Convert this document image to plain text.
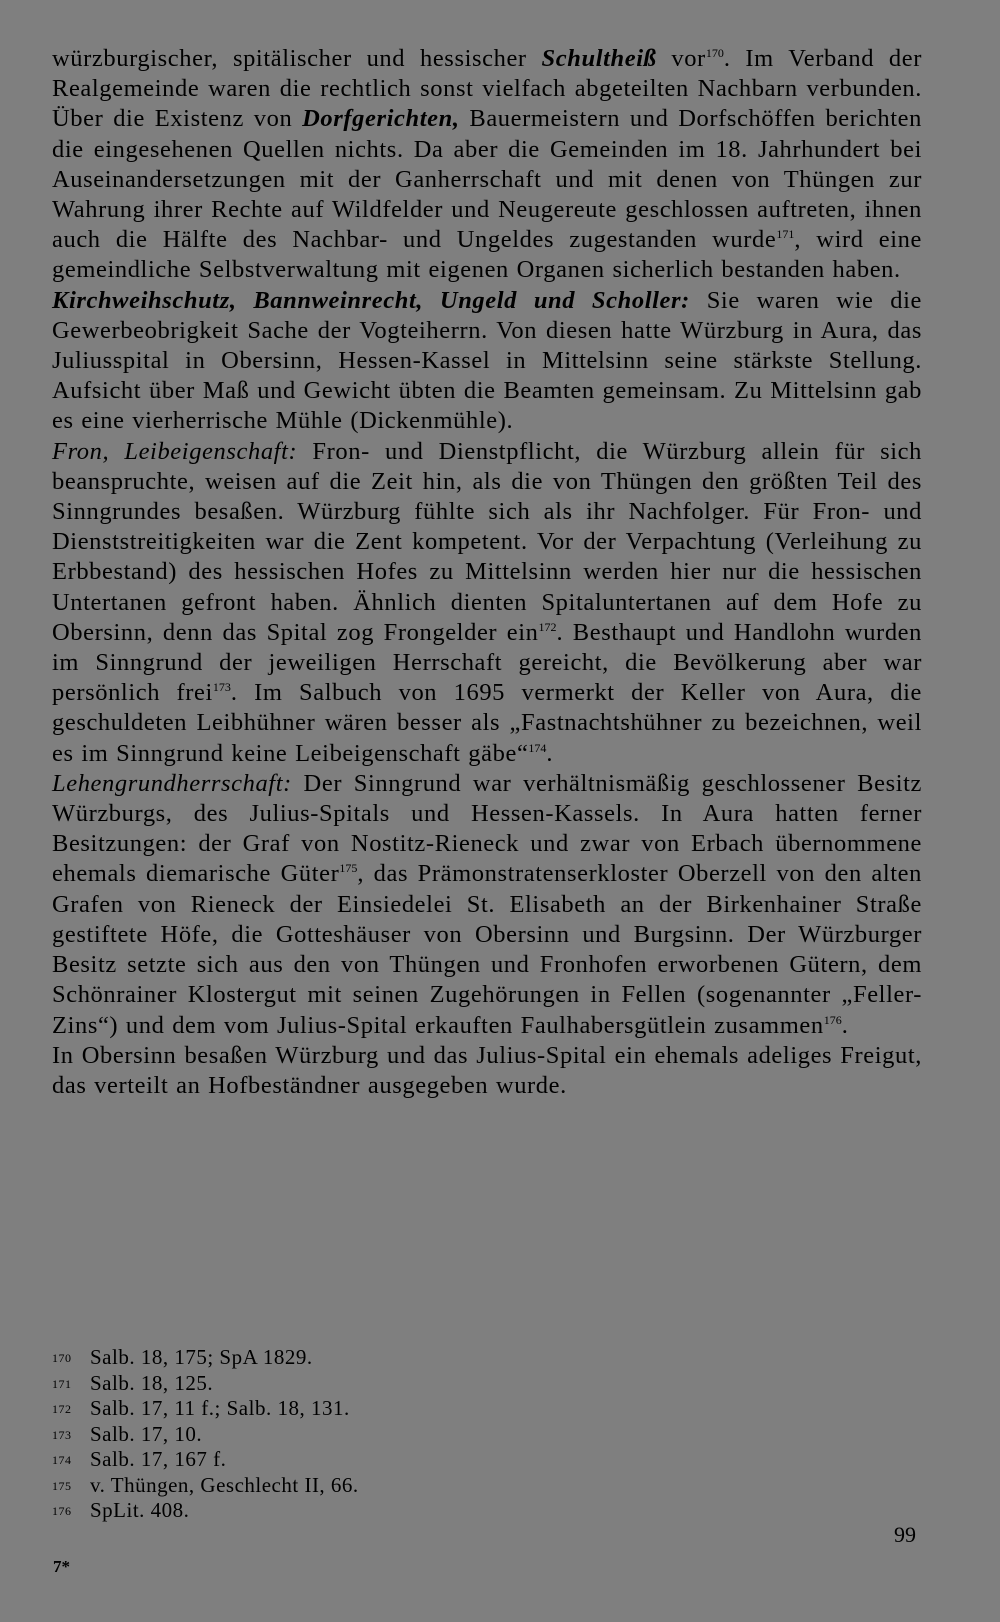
würzburgischer, spitälischer und hessischer Schultheiß vor$^{170}$. Im Verband der Realgemeinde waren die rechtlich sonst vielfach abgeteilten Nachbarn verbunden. Über die Existenz von Dorfgerichten, Bauermeistern und Dorfschöffen berichten die eingesehenen Quellen nichts. Da aber die Gemeinden im 18. Jahrhundert bei Auseinandersetzungen mit der Ganherrschaft und mit denen von Thüngen zur Wahrung ihrer Rechte auf Wildfelder und Neugereute geschlossen auftreten, ihnen auch die Hälfte des Nachbar- und Ungeldes zugestanden wurde$^{171}$, wird eine gemeindliche Selbstverwaltung mit eigenen Organen sicherlich bestanden haben.

Kirchweihschutz, Bannweinrecht, Ungeld und Scholler: Sie waren wie die Gewerbeobrigkeit Sache der Vogteiherrn. Von diesen hatte Würzburg in Aura, das Juliusspital in Obersinn, Hessen-Kassel in Mittelsinn seine stärkste Stellung. Aufsicht über Maß und Gewicht übten die Beamten gemeinsam. Zu Mittelsinn gab es eine vierherrische Mühle (Dickenmühle).

Fron, Leibeigenschaft: Fron- und Dienstpflicht, die Würzburg allein für sich beanspruchte, weisen auf die Zeit hin, als die von Thüngen den größten Teil des Sinngrundes besaßen. Würzburg fühlte sich als ihr Nachfolger. Für Fron- und Dienststreitigkeiten war die Zent kompetent. Vor der Verpachtung (Verleihung zu Erbbestand) des hessischen Hofes zu Mittelsinn werden hier nur die hessischen Untertanen gefront haben. Ähnlich dienten Spitaluntertanen auf dem Hofe zu Obersinn, denn das Spital zog Frongelder ein$^{172}$. Besthaupt und Handlohn wurden im Sinngrund der jeweiligen Herrschaft gereicht, die Bevölkerung aber war persönlich frei$^{173}$. Im Salbuch von 1695 vermerkt der Keller von Aura, die geschuldeten Leibhühner wären besser als „Fastnachtshühner zu bezeichnen, weil es im Sinngrund keine Leibeigenschaft gäbe“$^{174}$.

Lehengrundherrschaft: Der Sinngrund war verhältnismäßig geschlossener Besitz Würzburgs, des Julius-Spitals und Hessen-Kassels. In Aura hatten ferner Besitzungen: der Graf von Nostitz-Rieneck und zwar von Erbach übernommene ehemals diemarische Güter$^{175}$, das Prämonstratenserkloster Oberzell von den alten Grafen von Rieneck der Einsiedelei St. Elisabeth an der Birkenhainer Straße gestiftete Höfe, die Gotteshäuser von Obersinn und Burgsinn. Der Würzburger Besitz setzte sich aus den von Thüngen und Fronhofen erworbenen Gütern, dem Schönrainer Klostergut mit seinen Zugehörungen in Fellen (sogenannter „Feller-Zins“) und dem vom Julius-Spital erkauften Faulhabersgütlein zusammen$^{176}$.

In Obersinn besaßen Würzburg und das Julius-Spital ein ehemals adeliges Freigut, das verteilt an Hofbeständner ausgegeben wurde.

170 Salb. 18, 175; SpA 1829.
171 Salb. 18, 125.
172 Salb. 17, 11 f.; Salb. 18, 131.
173 Salb. 17, 10.
174 Salb. 17, 167 f.
175 v. Thüngen, Geschlecht II, 66.
176 SpLit. 408.
99
7*
